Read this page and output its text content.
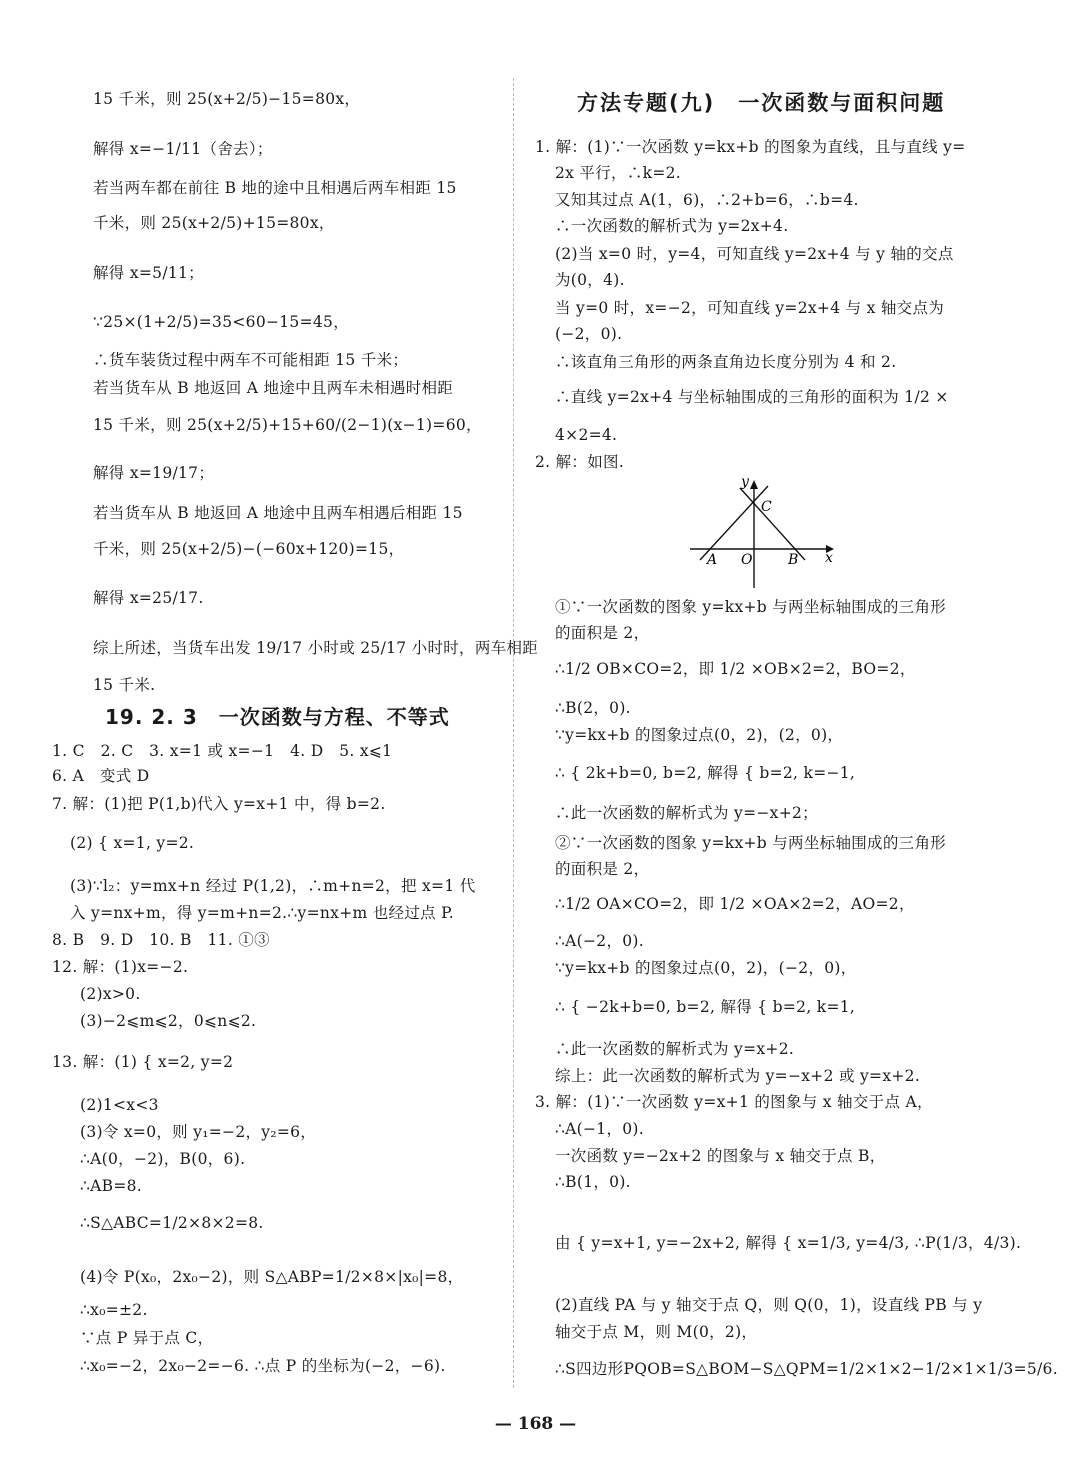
15 千米，则 25(x+2/5)−15=80x，
解得 x=−1/11（舍去）；
若当两车都在前往 B 地的途中且相遇后两车相距 15
千米，则 25(x+2/5)+15=80x，
解得 x=5/11；
∵25×(1+2/5)=35<60−15=45，
∴货车装货过程中两车不可能相距 15 千米；
若当货车从 B 地返回 A 地途中且两车未相遇时相距
15 千米，则 25(x+2/5)+15+60/(2−1)(x−1)=60，
解得 x=19/17；
若当货车从 B 地返回 A 地途中且两车相遇后相距 15
千米，则 25(x+2/5)−(−60x+120)=15，
解得 x=25/17.
综上所述，当货车出发 19/17 小时或 25/17 小时时，两车相距
15 千米.
19. 2. 3　一次函数与方程、不等式
1. C　2. C　3. x=1 或 x=−1　4. D　5. x⩽1
6. A　变式 D
7. 解：(1)把 P(1,b)代入 y=x+1 中，得 b=2.
(2) { x=1, y=2.
(3)∵l₂：y=mx+n 经过 P(1,2)，∴m+n=2，把 x=1 代
入 y=nx+m，得 y=m+n=2.∴y=nx+m 也经过点 P.
8. B　9. D　10. B　11. ①③
12. 解：(1)x=−2.
(2)x>0.
(3)−2⩽m⩽2，0⩽n⩽2.
13. 解：(1) { x=2, y=2
(2)1<x<3
(3)令 x=0，则 y₁=−2，y₂=6，
∴A(0，−2)，B(0，6).
∴AB=8.
∴S△ABC=1/2×8×2=8.
(4)令 P(x₀，2x₀−2)，则 S△ABP=1/2×8×|x₀|=8，
∴x₀=±2.
∵点 P 异于点 C，
∴x₀=−2，2x₀−2=−6. ∴点 P 的坐标为(−2，−6).
方法专题(九)　一次函数与面积问题
1. 解：(1)∵一次函数 y=kx+b 的图象为直线，且与直线 y=
2x 平行，∴k=2.
又知其过点 A(1，6)，∴2+b=6，∴b=4.
∴一次函数的解析式为 y=2x+4.
(2)当 x=0 时，y=4，可知直线 y=2x+4 与 y 轴的交点
为(0，4).
当 y=0 时，x=−2，可知直线 y=2x+4 与 x 轴交点为
(−2，0).
∴该直角三角形的两条直角边长度分别为 4 和 2.
∴直线 y=2x+4 与坐标轴围成的三角形的面积为 1/2 ×
4×2=4.
2. 解：如图.
①∵一次函数的图象 y=kx+b 与两坐标轴围成的三角形
的面积是 2，
∴1/2 OB×CO=2，即 1/2 ×OB×2=2，BO=2，
∴B(2，0).
∵y=kx+b 的图象过点(0，2)，(2，0)，
∴ { 2k+b=0, b=2, 解得 { b=2, k=−1,
∴此一次函数的解析式为 y=−x+2；
②∵一次函数的图象 y=kx+b 与两坐标轴围成的三角形
的面积是 2，
∴1/2 OA×CO=2，即 1/2 ×OA×2=2，AO=2，
∴A(−2，0).
∵y=kx+b 的图象过点(0，2)，(−2，0)，
∴ { −2k+b=0, b=2, 解得 { b=2, k=1,
∴此一次函数的解析式为 y=x+2.
综上：此一次函数的解析式为 y=−x+2 或 y=x+2.
3. 解：(1)∵一次函数 y=x+1 的图象与 x 轴交于点 A，
∴A(−1，0).
一次函数 y=−2x+2 的图象与 x 轴交于点 B，
∴B(1，0).
由 { y=x+1, y=−2x+2, 解得 { x=1/3, y=4/3, ∴P(1/3，4/3).
(2)直线 PA 与 y 轴交于点 Q，则 Q(0，1)，设直线 PB 与 y
轴交于点 M，则 M(0，2)，
∴S四边形PQOB=S△BOM−S△QPM=1/2×1×2−1/2×1×1/3=5/6.
y
x
A O	B
C
— 168 —
